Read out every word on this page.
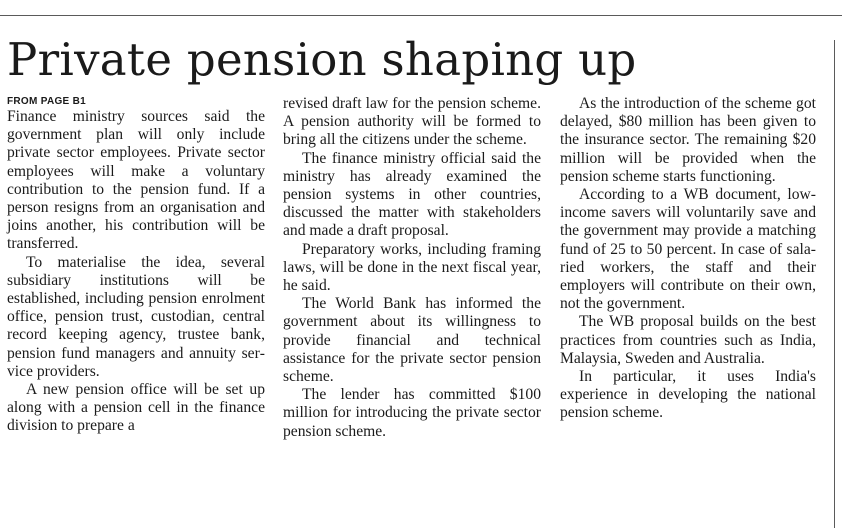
Private pension shaping up
FROM PAGE B1

Finance ministry sources said the government plan will only include private sector employees. Private sector employees will make a voluntary contribution to the pension fund. If a person resigns from an organisation and joins another, his contribution will be transferred.

To materialise the idea, several subsidiary institutions will be established, including pension enrolment office, pension trust, custodian, central record keeping agency, trustee bank, pension fund managers and annuity service providers.

A new pension office will be set up along with a pension cell in the finance division to prepare a

revised draft law for the pension scheme. A pension authority will be formed to bring all the citizens under the scheme.

The finance ministry official said the ministry has already examined the pension systems in other countries, discussed the matter with stakeholders and made a draft proposal.

Preparatory works, including framing laws, will be done in the next fiscal year, he said.

The World Bank has informed the government about its willingness to provide financial and technical assistance for the private sector pension scheme.

The lender has committed $100 million for introducing the private sector pension scheme.

As the introduction of the scheme got delayed, $80 million has been given to the insurance sector. The remaining $20 million will be provided when the pension scheme starts functioning.

According to a WB document, low-income savers will voluntarily save and the government may provide a matching fund of 25 to 50 percent. In case of salaried workers, the staff and their employers will contribute on their own, not the government.

The WB proposal builds on the best practices from countries such as India, Malaysia, Sweden and Australia.

In particular, it uses India's experience in developing the national pension scheme.
